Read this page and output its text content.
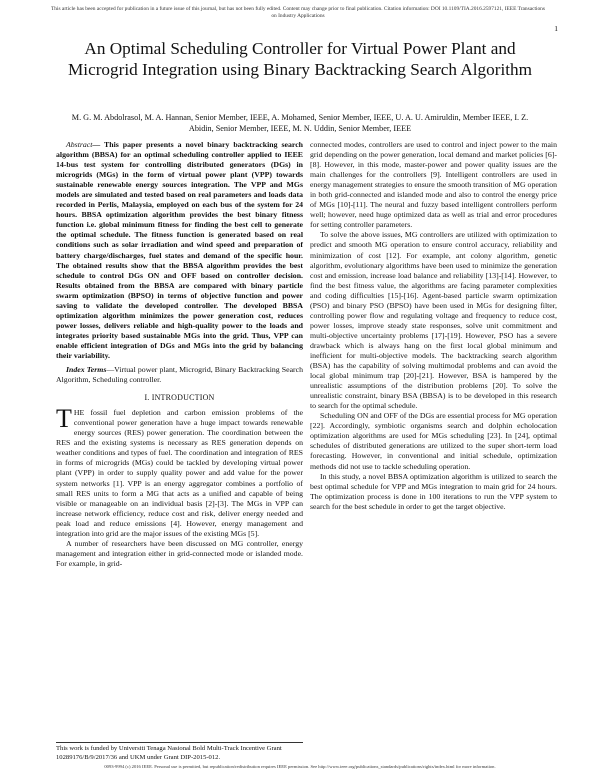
This article has been accepted for publication in a future issue of this journal, but has not been fully edited. Content may change prior to final publication. Citation information: DOI 10.1109/TIA.2016.2597121, IEEE Transactions on Industry Applications
1
An Optimal Scheduling Controller for Virtual Power Plant and Microgrid Integration using Binary Backtracking Search Algorithm
M. G. M. Abdolrasol, M. A. Hannan, Senior Member, IEEE, A. Mohamed, Senior Member, IEEE, U. A. U. Amiruldin, Member IEEE, I. Z. Abidin, Senior Member, IEEE, M. N. Uddin, Senior Member, IEEE

Abstract— This paper presents a novel binary backtracking search algorithm (BBSA) for an optimal scheduling controller applied to IEEE 14-bus test system for controlling distributed generators (DGs) in microgrids (MGs) in the form of virtual power plant (VPP) towards sustainable renewable energy sources integration. The VPP and MGs models are simulated and tested based on real parameters and loads data recorded in Perlis, Malaysia, employed on each bus of the system for 24 hours. BBSA optimization algorithm provides the best binary fitness function i.e. global minimum fitness for finding the best cell to generate the optimal schedule. The fitness function is generated based on real conditions such as solar irradiation and wind speed and preparation of battery charge/discharges, fuel states and demand of the specific hour. The obtained results show that the BBSA algorithm provides the best schedule to control DGs ON and OFF based on controller decision. Results obtained from the BBSA are compared with binary particle swarm optimization (BPSO) in terms of objective function and power saving to validate the developed controller. The developed BBSA optimization algorithm minimizes the power generation cost, reduces power losses, delivers reliable and high-quality power to the loads and integrates priority based sustainable MGs into the grid. Thus, VPP can enable efficient integration of DGs and MGs into the grid by balancing their variability.

Index Terms—Virtual power plant, Microgrid, Binary Backtracking Search Algorithm, Scheduling controller.

I. INTRODUCTION

THE fossil fuel depletion and carbon emission problems of the conventional power generation have a huge impact towards renewable energy sources (RES) power generation. The coordination between the RES and the existing systems is necessary as RES generation depends on weather conditions and types of fuel. The coordination and integration of RES in forms of microgrids (MGs) could be tackled by developing virtual power plant (VPP) in order to supply quality power and add value for the power system networks [1]. VPP is an energy aggregator combines a portfolio of small RES units to form a MG that acts as a unified and capable of being visible or manageable on an individual basis [2]-[3]. The MGs in VPP can increase network efficiency, reduce cost and risk, deliver energy needed and peak load and reduce emissions [4]. However, energy management and integration into grid are the major issues of the existing MGs [5].

A number of researchers have been discussed on MG controller, energy management and integration either in grid-connected mode or islanded mode. For example, in grid-

connected modes, controllers are used to control and inject power to the main grid depending on the power generation, local demand and market policies [6]-[8]. However, in this mode, master-power and power quality issues are the main challenges for the controllers [9]. Intelligent controllers are used in energy management strategies to ensure the smooth transition of MG operation in both grid-connected and islanded mode and also to control the energy price of MGs [10]-[11]. The neural and fuzzy based intelligent controllers perform well; however, need huge optimized data as well as trial and error procedures for setting controller parameters.

To solve the above issues, MG controllers are utilized with optimization to predict and smooth MG operation to ensure control accuracy, reliability and minimization of cost [12]. For example, ant colony algorithm, genetic algorithm, evolutionary algorithms have been used to minimize the generation cost and emission, increase load balance and reliability [13]-[14]. However, to find the best fitness value, the algorithms are facing parameter complexities and coding difficulties [15]-[16]. Agent-based particle swarm optimization (PSO) and binary PSO (BPSO) have been used in MGs for designing filter, controlling power flow and regulating voltage and frequency to reduce cost, power losses, improve steady state responses, solve unit commitment and multi-objective uncertainty problems [17]-[19]. However, PSO has a severe drawback which is always hang on the first local global minimum and inefficient for multi-objective models. The backtracking search algorithm (BSA) has the capability of solving multimodal problems and can avoid the local global minimum trap [20]-[21]. However, BSA is hampered by the unrealistic assumptions of the distribution problems [20]. To solve the unrealistic constraint, binary BSA (BBSA) is to be developed in this research to search for the optimal schedule.

Scheduling ON and OFF of the DGs are essential process for MG operation [22]. Accordingly, symbiotic organisms search and dolphin echolocation optimization algorithms are used for MGs scheduling [23]. In [24], optimal schedules of distributed generations are utilized to the super short-term load forecasting. However, in conventional and initial schedule, optimization methods did not use to tackle scheduling operation.

In this study, a novel BBSA optimization algorithm is utilized to search the best optimal schedule for VPP and MGs integration to main grid for 24 hours. The optimization process is done in 100 iterations to run the VPP system to search for the best schedule in order to get the target objective.

This work is funded by Universiti Tenaga Nasional Bold Multi-Track Incentive Grant 10289176/B/9/2017/36 and UKM under Grant DIP-2015-012.
0093-9994 (c) 2016 IEEE. Personal use is permitted, but republication/redistribution requires IEEE permission. See http://www.ieee.org/publications_standards/publications/rights/index.html for more information.
